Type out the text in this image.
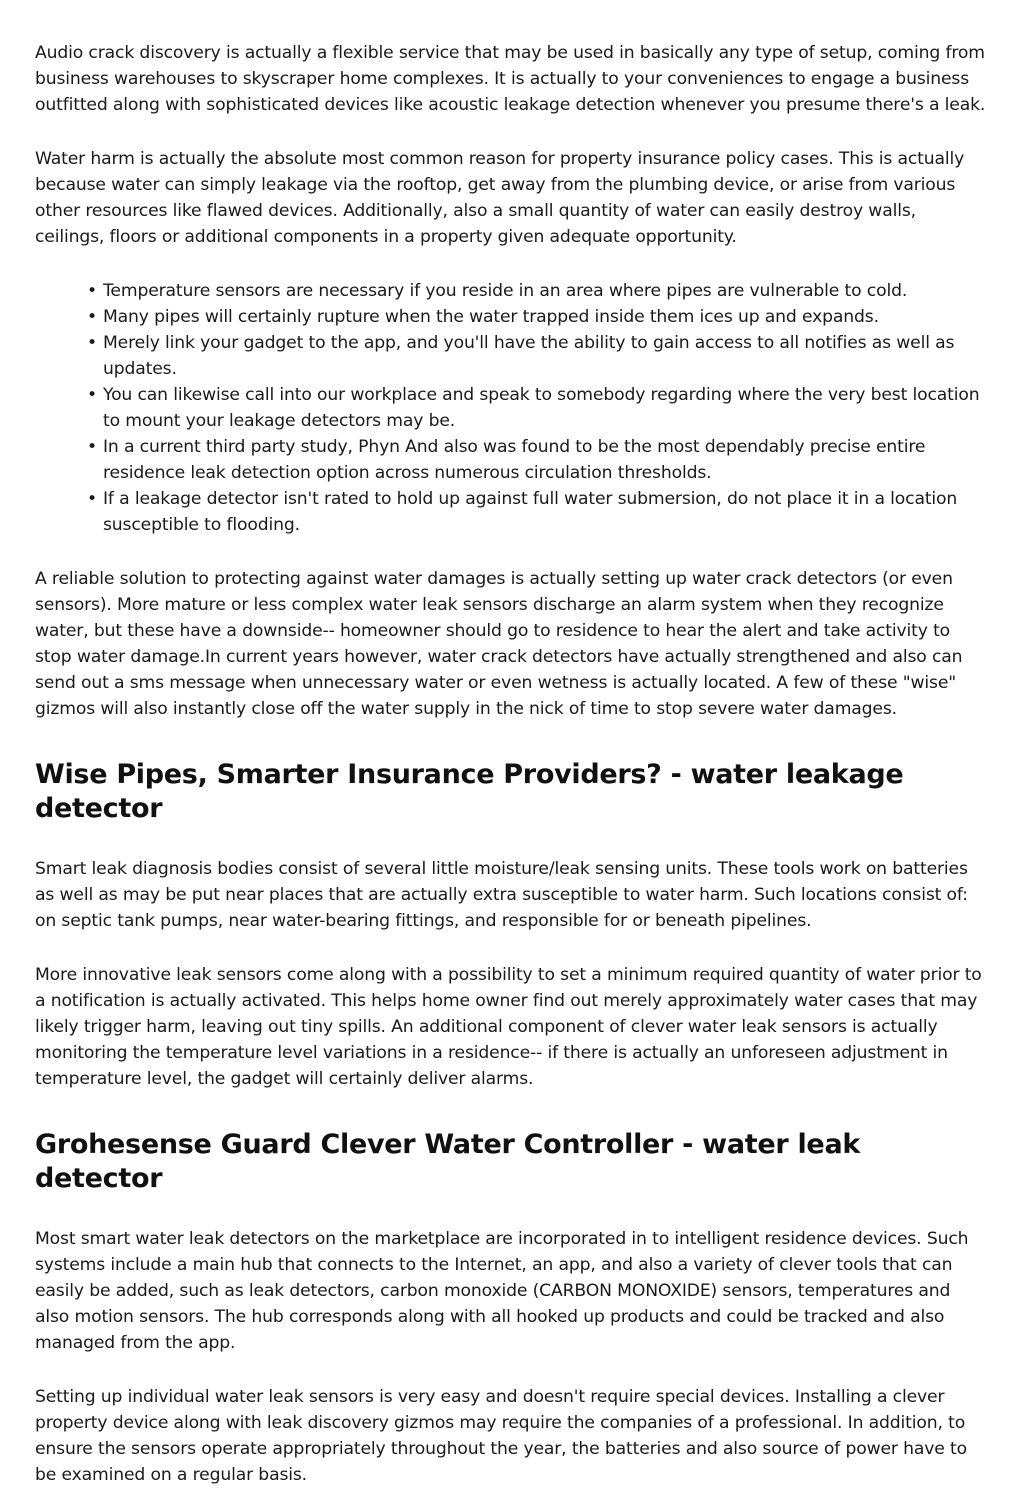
Audio crack discovery is actually a flexible service that may be used in basically any type of setup, coming from business warehouses to skyscraper home complexes. It is actually to your conveniences to engage a business outfitted along with sophisticated devices like acoustic leakage detection whenever you presume there's a leak.

Water harm is actually the absolute most common reason for property insurance policy cases. This is actually because water can simply leakage via the rooftop, get away from the plumbing device, or arise from various other resources like flawed devices. Additionally, also a small quantity of water can easily destroy walls, ceilings, floors or additional components in a property given adequate opportunity.

• Temperature sensors are necessary if you reside in an area where pipes are vulnerable to cold.
• Many pipes will certainly rupture when the water trapped inside them ices up and expands.
• Merely link your gadget to the app, and you'll have the ability to gain access to all notifies as well as updates.
• You can likewise call into our workplace and speak to somebody regarding where the very best location to mount your leakage detectors may be.
• In a current third party study, Phyn And also was found to be the most dependably precise entire residence leak detection option across numerous circulation thresholds.
• If a leakage detector isn't rated to hold up against full water submersion, do not place it in a location susceptible to flooding.

A reliable solution to protecting against water damages is actually setting up water crack detectors (or even sensors). More mature or less complex water leak sensors discharge an alarm system when they recognize water, but these have a downside-- homeowner should go to residence to hear the alert and take activity to stop water damage.In current years however, water crack detectors have actually strengthened and also can send out a sms message when unnecessary water or even wetness is actually located. A few of these "wise" gizmos will also instantly close off the water supply in the nick of time to stop severe water damages.

Wise Pipes, Smarter Insurance Providers? - water leakage detector

Smart leak diagnosis bodies consist of several little moisture/leak sensing units. These tools work on batteries as well as may be put near places that are actually extra susceptible to water harm. Such locations consist of: on septic tank pumps, near water-bearing fittings, and responsible for or beneath pipelines.

More innovative leak sensors come along with a possibility to set a minimum required quantity of water prior to a notification is actually activated. This helps home owner find out merely approximately water cases that may likely trigger harm, leaving out tiny spills. An additional component of clever water leak sensors is actually monitoring the temperature level variations in a residence-- if there is actually an unforeseen adjustment in temperature level, the gadget will certainly deliver alarms.

Grohesense Guard Clever Water Controller - water leak detector

Most smart water leak detectors on the marketplace are incorporated in to intelligent residence devices. Such systems include a main hub that connects to the Internet, an app, and also a variety of clever tools that can easily be added, such as leak detectors, carbon monoxide (CARBON MONOXIDE) sensors, temperatures and also motion sensors. The hub corresponds along with all hooked up products and could be tracked and also managed from the app.

Setting up individual water leak sensors is very easy and doesn't require special devices. Installing a clever property device along with leak discovery gizmos may require the companies of a professional. In addition, to ensure the sensors operate appropriately throughout the year, the batteries and also source of power have to be examined on a regular basis.
